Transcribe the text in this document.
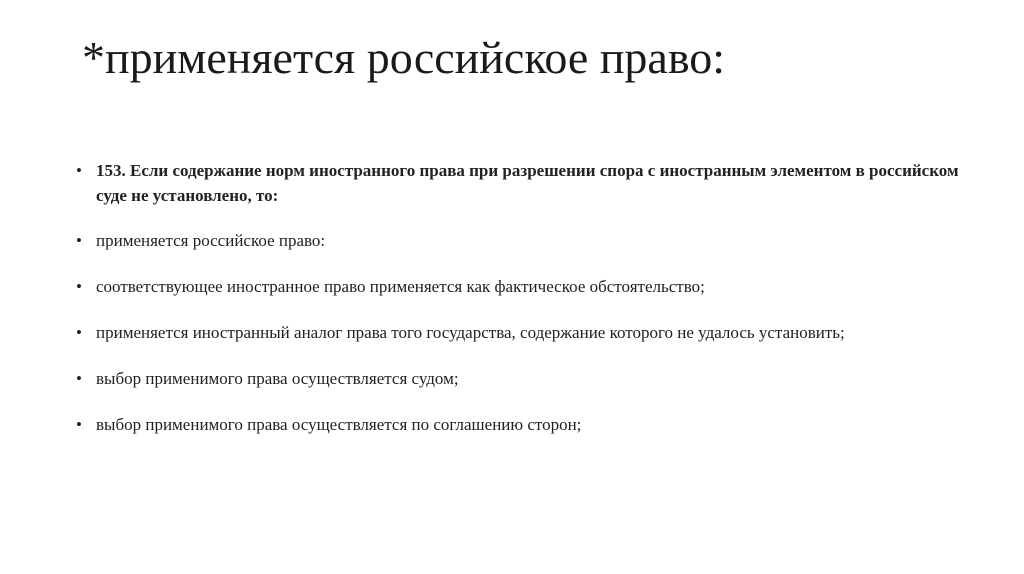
*применяется российское право:
• 153. Если содержание норм иностранного права при разрешении спора с иностранным элементом в российском суде не установлено, то:
• применяется российское право:
• соответствующее иностранное право применяется как фактическое обстоятельство;
• применяется иностранный аналог права того государства, содержание которого не удалось установить;
• выбор применимого права осуществляется судом;
• выбор применимого права осуществляется по соглашению сторон;
